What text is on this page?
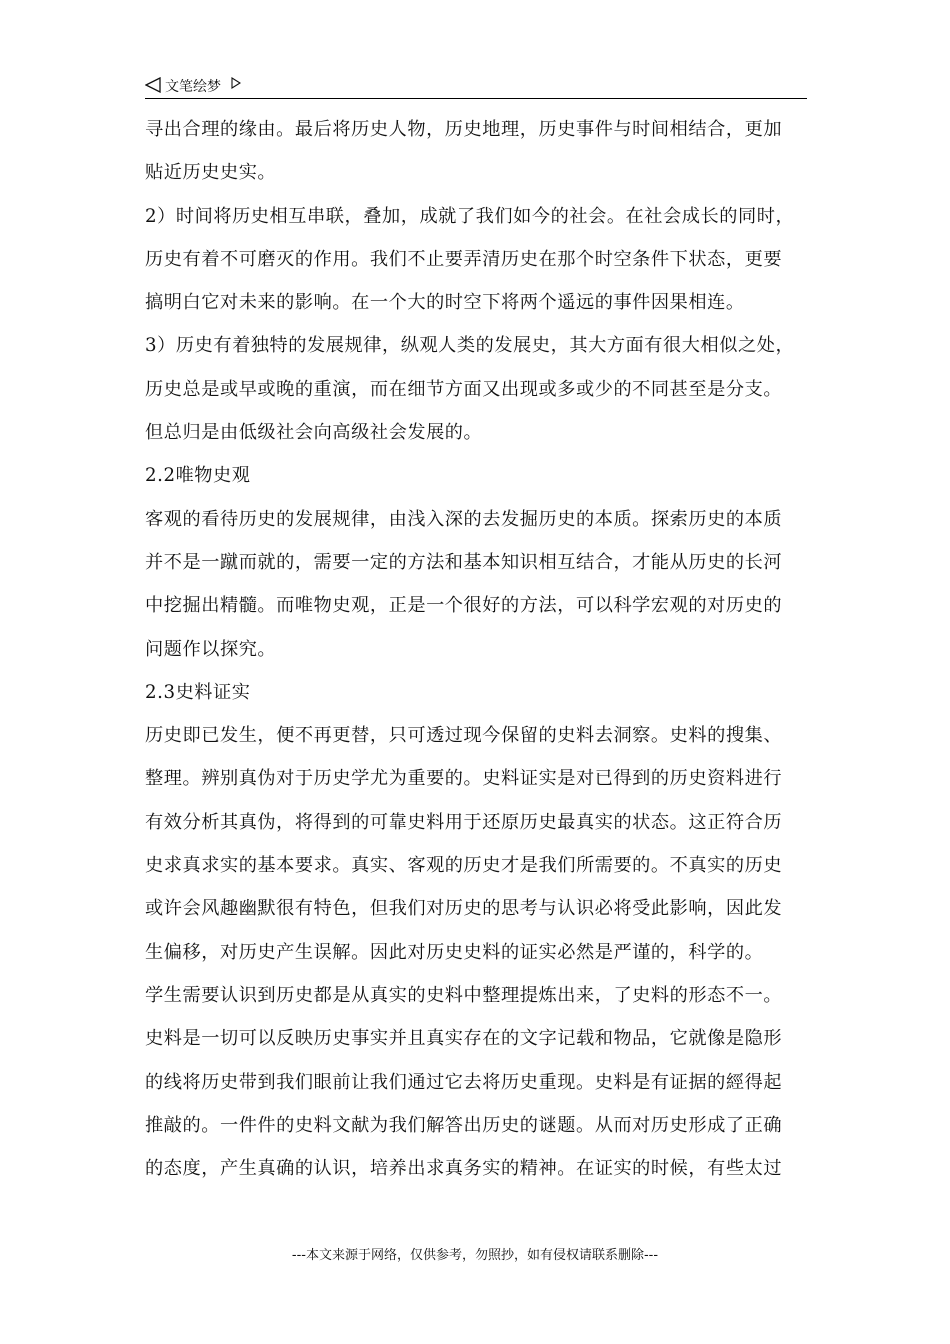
文笔绘梦
寻出合理的缘由。最后将历史人物，历史地理，历史事件与时间相结合，更加
贴近历史史实。
2）时间将历史相互串联，叠加，成就了我们如今的社会。在社会成长的同时，
历史有着不可磨灭的作用。我们不止要弄清历史在那个时空条件下状态，更要
搞明白它对未来的影响。在一个大的时空下将两个遥远的事件因果相连。
3）历史有着独特的发展规律，纵观人类的发展史，其大方面有很大相似之处，
历史总是或早或晚的重演，而在细节方面又出现或多或少的不同甚至是分支。
但总归是由低级社会向高级社会发展的。
2.2唯物史观
客观的看待历史的发展规律，由浅入深的去发掘历史的本质。探索历史的本质
并不是一蹴而就的，需要一定的方法和基本知识相互结合，才能从历史的长河
中挖掘出精髓。而唯物史观，正是一个很好的方法，可以科学宏观的对历史的
问题作以探究。
2.3史料证实
历史即已发生，便不再更替，只可透过现今保留的史料去洞察。史料的搜集、
整理。辨别真伪对于历史学尤为重要的。史料证实是对已得到的历史资料进行
有效分析其真伪，将得到的可靠史料用于还原历史最真实的状态。这正符合历
史求真求实的基本要求。真实、客观的历史才是我们所需要的。不真实的历史
或许会风趣幽默很有特色，但我们对历史的思考与认识必将受此影响，因此发
生偏移，对历史产生误解。因此对历史史料的证实必然是严谨的，科学的。
学生需要认识到历史都是从真实的史料中整理提炼出来，了史料的形态不一。
史料是一切可以反映历史事实并且真实存在的文字记载和物品，它就像是隐形
的线将历史带到我们眼前让我们通过它去将历史重现。史料是有证据的經得起
推敲的。一件件的史料文献为我们解答出历史的谜题。从而对历史形成了正确
的态度，产生真确的认识，培养出求真务实的精神。在证实的时候，有些太过
---本文来源于网络，仅供参考，勿照抄，如有侵权请联系删除---
